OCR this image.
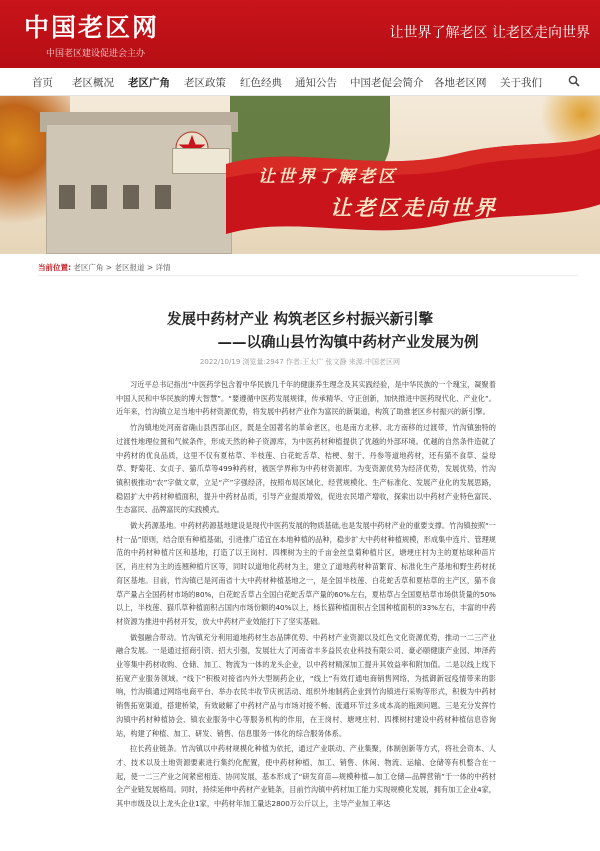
中国老区网
中国老区建设促进会主办
让世界了解老区 让老区走向世界
首页 老区概况 老区广角 老区政策 红色经典 通知公告 中国老促会简介 各地老区网 关于我们
让世界了解老区
让老区走向世界
当前位置: 老区广角 > 老区报道 > 详情
发展中药材产业 构筑老区乡村振兴新引擎
——以确山县竹沟镇中药材产业发展为例
2022/10/19 浏览量:2947 作者:王太广 张文静 来源:中国老区网

习近平总书记指出“中医药学包含着中华民族几千年的健康养生理念及其实践经验，是中华民族的一个瑰宝，凝聚着中国人民和中华民族的博大智慧”。“要遵循中医药发展规律，传承精华、守正创新，加快推进中医药现代化、产业化”。近年来，竹沟镇立足当地中药材资源优势，将发展中药材产业作为富民的新渠道，构筑了助推老区乡村振兴的新引擎。

竹沟镇地处河南省确山县西部山区，既是全国著名的革命老区，也是南方北移、北方南移的过渡带，竹沟镇独特的过渡性地理位置和气候条件，形成天然的种子资源库，为中医药材种植提供了优越的外部环境。优越的自然条件造就了中药材的优良品质，这里不仅有夏枯草、半枝莲、白花蛇舌草、桔梗、射干、丹参等道地药材，还有猫不食草、益母草、野菊花、女贞子、猫爪草等499种药材，被医学界称为中药材资源库。为变资源优势为经济优势，发展优势，竹沟镇积极推动“农”字做文章，立足“产”字强经济，按照布局区域化、经营规模化、生产标准化、发展产业化的发展思路，稳固扩大中药材种植面积，提升中药材品质，引导产业提质增效，促进农民增产增收，探索出以中药材产业特色富民、生态富民、品牌富民的实践模式。

做大药源基地。中药材药源基地建设是现代中医药发展的物质基础,也是发展中药材产业的重要支撑。竹沟镇按照“一村一品”原则，结合原有种植基础，引进推广适宜在本地种植的品种，稳步扩大中药材种植规模，形成集中连片、管理规范的中药材种植片区和基地，打造了以王岗村、四棵树为主的千亩金丝皇菊种植片区，塘埂庄村为主的夏枯球种苗片区，肖庄村为主的连翘种植片区等，同时以道地化药材为主，建立了道地药材种苗繁育、标准化生产基地和野生药材抚育区基地。目前，竹沟镇已是河南省十大中药材种植基地之一，是全国半枝莲、白花蛇舌草和夏枯草的主产区，猫不食草产量占全国药材市场的80%，白花蛇舌草占全国白花蛇舌草产量的60%左右，夏枯草占全国夏枯草市场供货量的50%以上，半枝莲、猫爪草种植面积占国内市场份额的40%以上，杨长猫种植面积占全国种植面积的33%左右，丰富的中药材资源为推进中药材开发，放大中药材产业效能打下了坚实基础。

做强融合带动。竹沟镇充分利用道地药材生态品牌优势、中药材产业资源以及红色文化资源优势，推动一二三产业融合发展。一是通过招商引资、招大引强，发展壮大了河南省丰多益民农业科技有限公司、豪必颐健康产业园、坤泽药业等集中药材收购、仓储、加工、物流为一体的龙头企业，以中药材精深加工提升其效益率和附加值。二是以线上线下拓宽产业服务领域。“线下”积极对接省内外大型制药企业，“线上”有效打通电商销售网络，为抵御新冠疫情带来的影响，竹沟镇通过网络电商平台、举办农民丰收节庆祝活动、组织外地制药企业到竹沟镇进行采购等形式，积极为中药材销售拓宽渠道，搭建桥梁，有效破解了中药材产品与市场对接不畅、流通环节过多成本高的瓶颈问题。三是充分发挥竹沟镇中药材种植协会、镇农业服务中心等服务机构的作用，在王岗村、塘埂庄村、四棵树村建设中药材种植信息咨询站，构建了种植、加工、研发、销售、信息服务一体化的综合服务体系。

拉长药业链条。竹沟镇以中药材规模化种植为依托，通过产业联动、产业集聚，体制创新等方式，将社会资本、人才、技术以及土地资源要素进行集约化配置，使中药材种植、加工、销售、休闲、物流、运输、仓储等有机整合在一起，使一二三产业之间紧密相连、协同发展，基本形成了“研发育苗—规模种植—加工仓储—品牌营销”于一体的中药材全产业链发展格局。同时，持续延伸中药材产业链条，目前竹沟镇中药材加工能力实现规模化发展，拥有加工企业4家，其中市级及以上龙头企业1家，中药材年加工量达2800万公斤以上，主导产业加工率达
